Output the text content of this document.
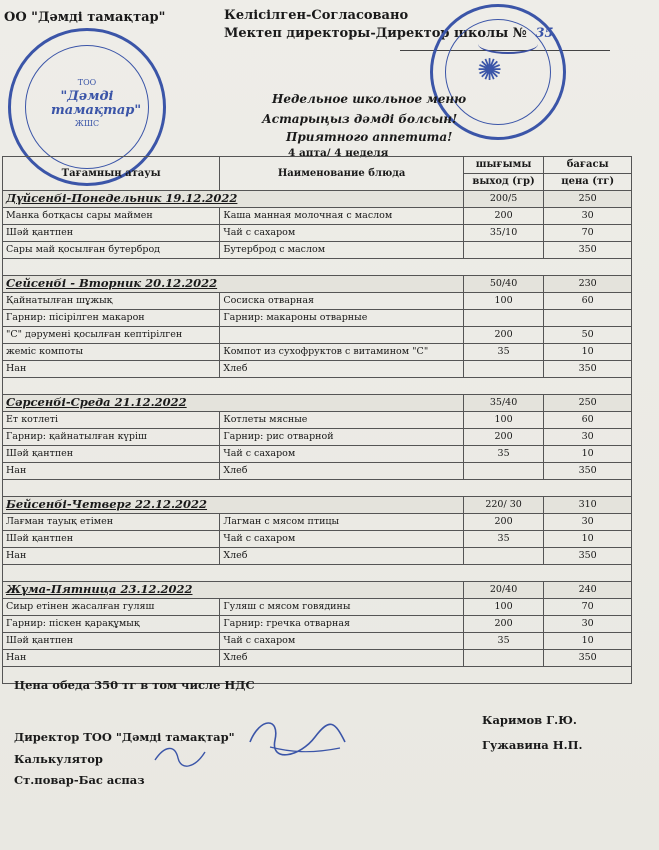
ОО "Дәмді тамақтар"	Келісілген-Согласовано
Мектеп директоры-Директор школы № 35
✺
ТОО
"Дәмді тамақтар"
ЖШС
Недельное школьное меню
Астарыңыз дәмді болсын!
Приятного аппетита!
4 апта/ 4 неделя
Тағамның атауы	Наименование блюда	шығымы	бағасы
		выход (гр)	цена (тг)
Дүйсенбі-Понедельник 19.12.2022		200/5	250
Манка ботқасы сары маймен	Каша манная молочная с маслом	200	30
Шәй қантпен	Чай с сахаром	35/10	70
Сары май қосылған бутерброд	Бутерброд с маслом		350

Сейсенбі - Вторник 20.12.2022		50/40	230
Қайнатылған шұжық	Сосиска отварная	100	60
Гарнир: пісірілген макарон	Гарнир: макароны отварные		
"С" дәрумені қосылған кептірілген		200	50
жеміс компоты	Компот из сухофруктов с витамином "С"	35	10
Нан	Хлеб		350

Сәрсенбі-Среда 21.12.2022		35/40	250
Ет котлеті	Котлеты мясные	100	60
Гарнир: қайнатылған күріш	Гарнир: рис отварной	200	30
Шәй қантпен	Чай с сахаром	35	10
Нан	Хлеб		350

Бейсенбі-Четверг 22.12.2022		220/ 30	310
Лағман тауық етімен	Лагман с мясом птицы	200	30
Шәй қантпен	Чай с сахаром	35	10
Нан	Хлеб		350

Жұма-Пятница 23.12.2022		20/40	240
Сиыр етінен жасалған гуляш	Гуляш с мясом говядины	100	70
Гарнир: піскен қарақұмық	Гарнир: гречка отварная	200	30
Шәй қантпен	Чай с сахаром	35	10
Нан	Хлеб		350

Цена обеда 350 тг в том числе НДС
Директор ТОО "Дәмді тамақтар"
Калькулятор
Ст.повар-Бас аспаз
Каримов Г.Ю.
Гужавина Н.П.
